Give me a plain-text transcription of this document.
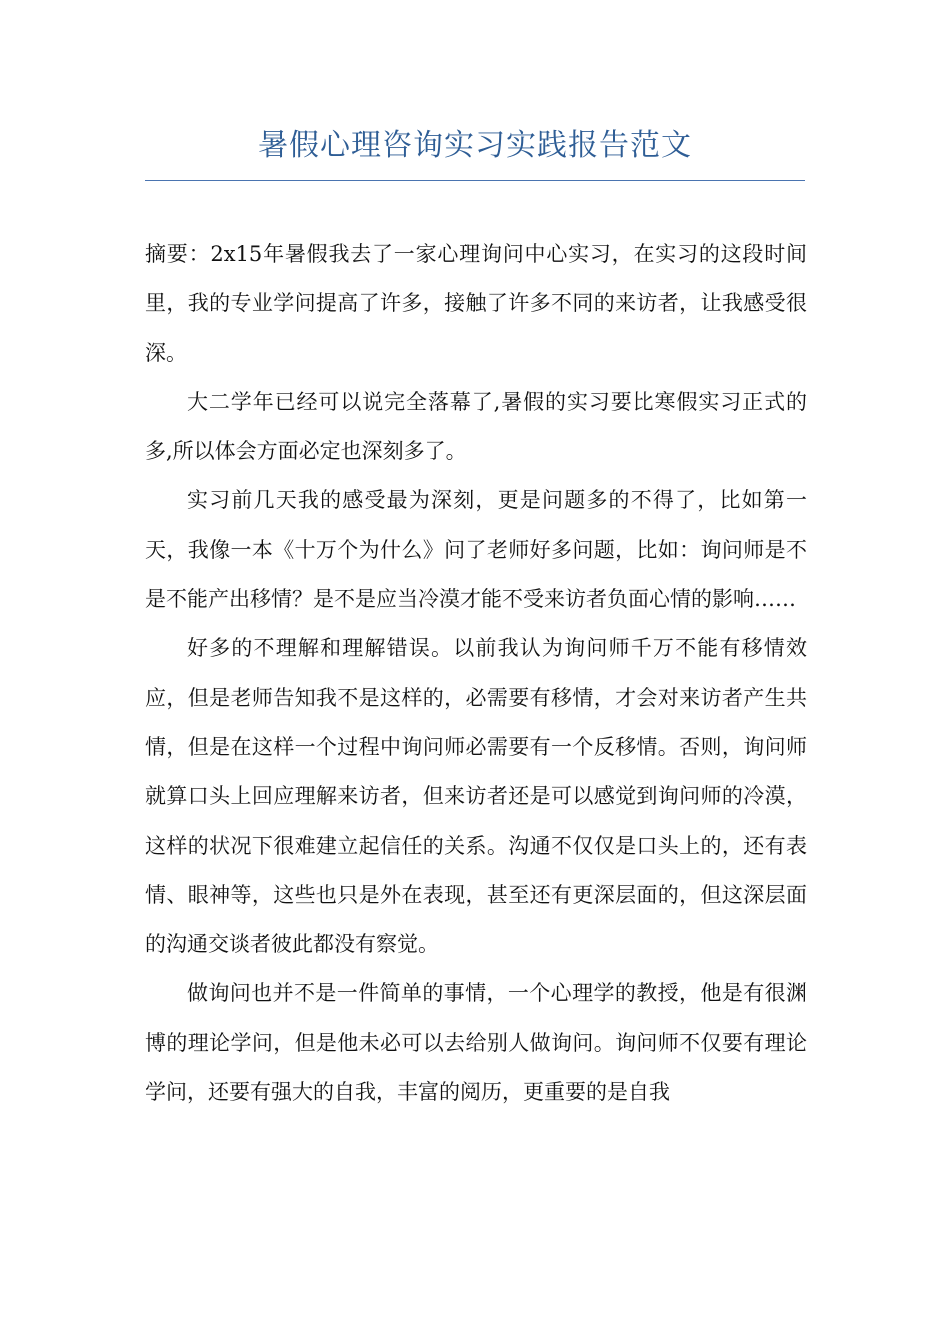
暑假心理咨询实习实践报告范文

摘要：2x15年暑假我去了一家心理询问中心实习，在实习的这段时间里，我的专业学问提高了许多，接触了许多不同的来访者，让我感受很深。

大二学年已经可以说完全落幕了,暑假的实习要比寒假实习正式的多,所以体会方面必定也深刻多了。

实习前几天我的感受最为深刻，更是问题多的不得了，比如第一天，我像一本《十万个为什么》问了老师好多问题，比如：询问师是不是不能产出移情？是不是应当冷漠才能不受来访者负面心情的影响……

好多的不理解和理解错误。以前我认为询问师千万不能有移情效应，但是老师告知我不是这样的，必需要有移情，才会对来访者产生共情，但是在这样一个过程中询问师必需要有一个反移情。否则，询问师就算口头上回应理解来访者，但来访者还是可以感觉到询问师的冷漠，这样的状况下很难建立起信任的关系。沟通不仅仅是口头上的，还有表情、眼神等，这些也只是外在表现，甚至还有更深层面的，但这深层面的沟通交谈者彼此都没有察觉。

做询问也并不是一件简单的事情，一个心理学的教授，他是有很渊博的理论学问，但是他未必可以去给别人做询问。询问师不仅要有理论学问，还要有强大的自我，丰富的阅历，更重要的是自我
